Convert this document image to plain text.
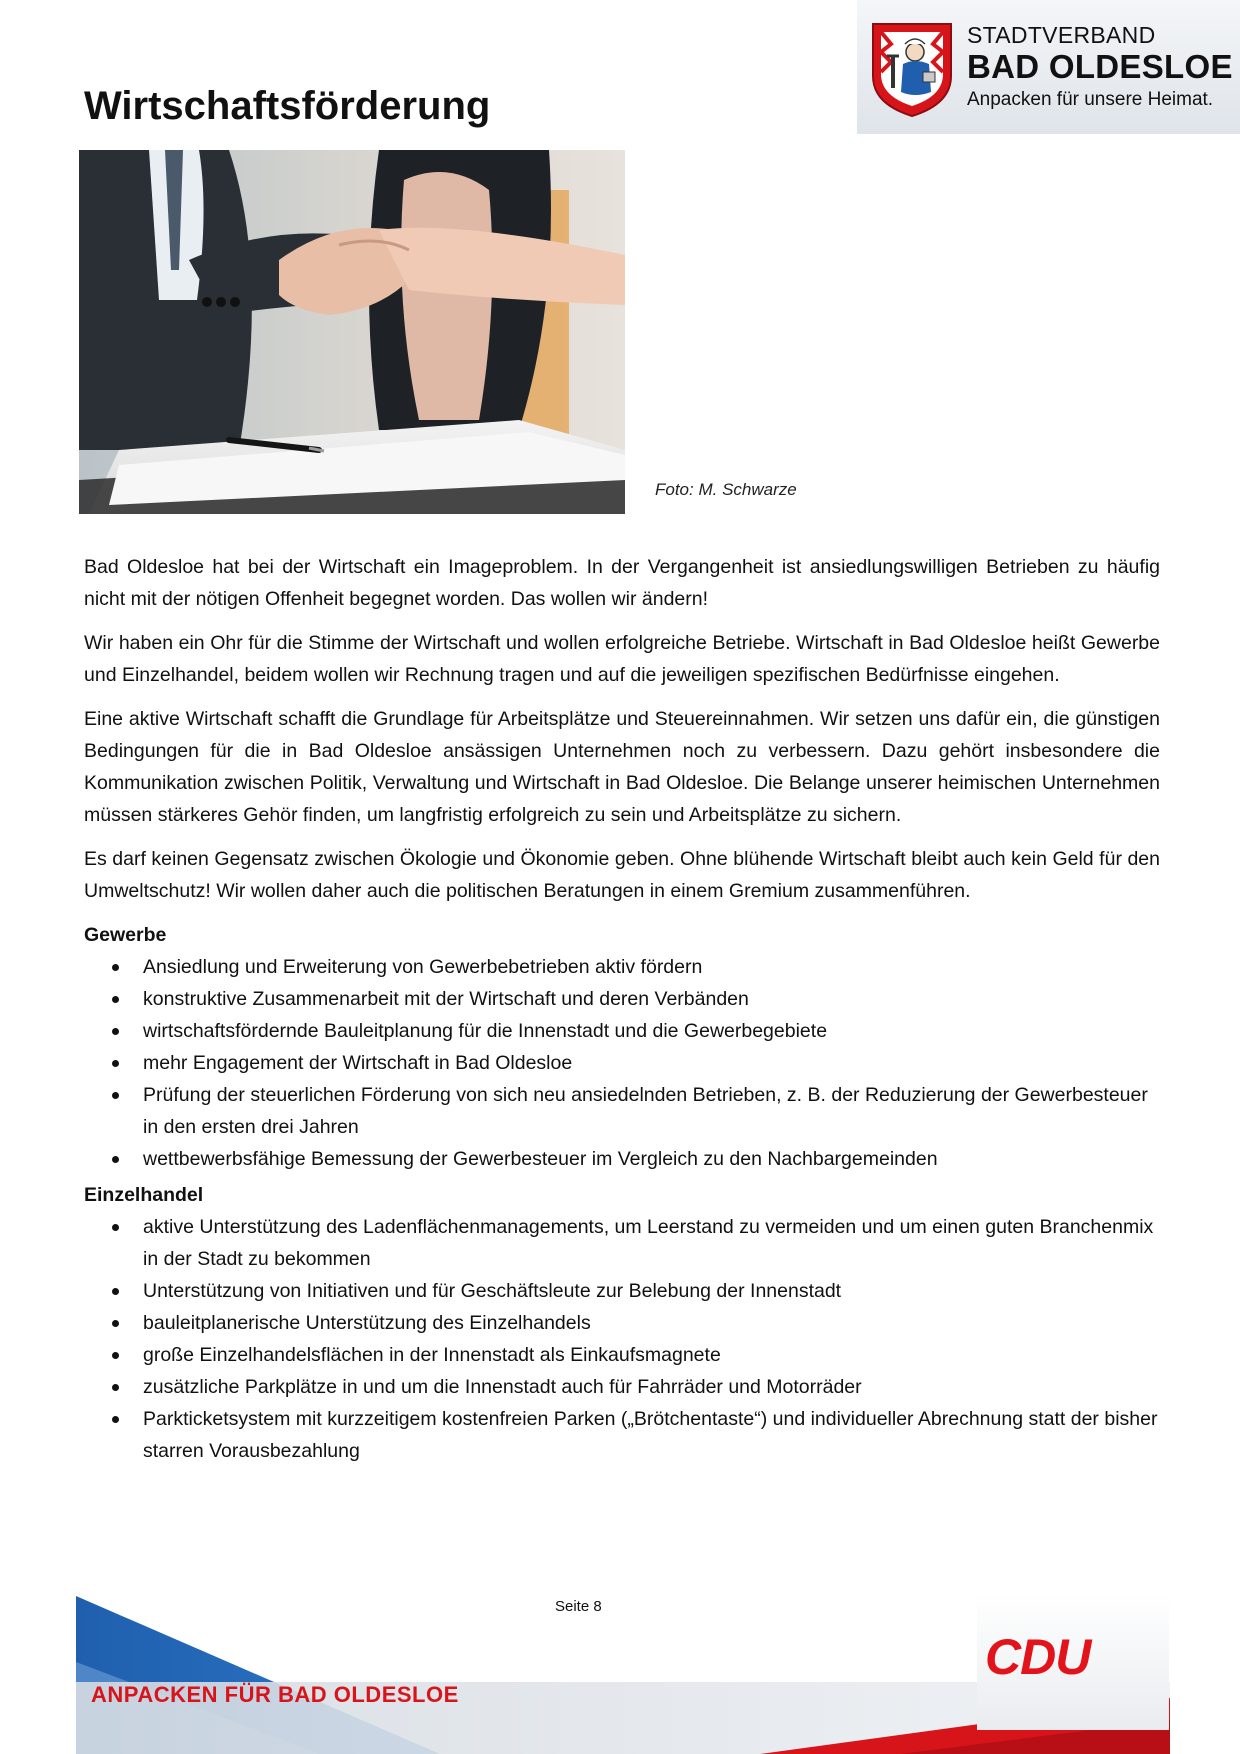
STADTVERBAND
BAD OLDESLOE
Anpacken für unsere Heimat.
Wirtschaftsförderung
Foto: M. Schwarze

Bad Oldesloe hat bei der Wirtschaft ein Imageproblem. In der Vergangenheit ist ansiedlungswilligen Betrieben zu häufig nicht mit der nötigen Offenheit begegnet worden. Das wollen wir ändern!

Wir haben ein Ohr für die Stimme der Wirtschaft und wollen erfolgreiche Betriebe. Wirtschaft in Bad Oldesloe heißt Gewerbe und Einzelhandel, beidem wollen wir Rechnung tragen und auf die jeweiligen spezifischen Bedürfnisse eingehen.

Eine aktive Wirtschaft schafft die Grundlage für Arbeitsplätze und Steuereinnahmen. Wir setzen uns dafür ein, die günstigen Bedingungen für die in Bad Oldesloe ansässigen Unternehmen noch zu verbessern. Dazu gehört insbesondere die Kommunikation zwischen Politik, Verwaltung und Wirtschaft in Bad Oldesloe. Die Belange unserer heimischen Unternehmen müssen stärkeres Gehör finden, um langfristig erfolgreich zu sein und Arbeitsplätze zu sichern.

Es darf keinen Gegensatz zwischen Ökologie und Ökonomie geben. Ohne blühende Wirtschaft bleibt auch kein Geld für den Umweltschutz! Wir wollen daher auch die politischen Beratungen in einem Gremium zusammenführen.

Gewerbe
Ansiedlung und Erweiterung von Gewerbebetrieben aktiv fördern
konstruktive Zusammenarbeit mit der Wirtschaft und deren Verbänden
wirtschaftsfördernde Bauleitplanung für die Innenstadt und die Gewerbegebiete
mehr Engagement der Wirtschaft in Bad Oldesloe
Prüfung der steuerlichen Förderung von sich neu ansiedelnden Betrieben, z. B. der Reduzierung der Gewerbesteuer in den ersten drei Jahren
wettbewerbsfähige Bemessung der Gewerbesteuer im Vergleich zu den Nachbargemeinden
Einzelhandel
aktive Unterstützung des Ladenflächenmanagements, um Leerstand zu vermeiden und um einen guten Branchenmix in der Stadt zu bekommen
Unterstützung von Initiativen und für Geschäftsleute zur Belebung der Innenstadt
bauleitplanerische Unterstützung des Einzelhandels
große Einzelhandelsflächen in der Innenstadt als Einkaufsmagnete
zusätzliche Parkplätze in und um die Innenstadt auch für Fahrräder und Motorräder
Parkticketsystem mit kurzzeitigem kostenfreien Parken („Brötchentaste“) und individueller Abrechnung statt der bisher starren Vorausbezahlung
CDU
Seite 8
ANPACKEN FÜR BAD OLDESLOE
